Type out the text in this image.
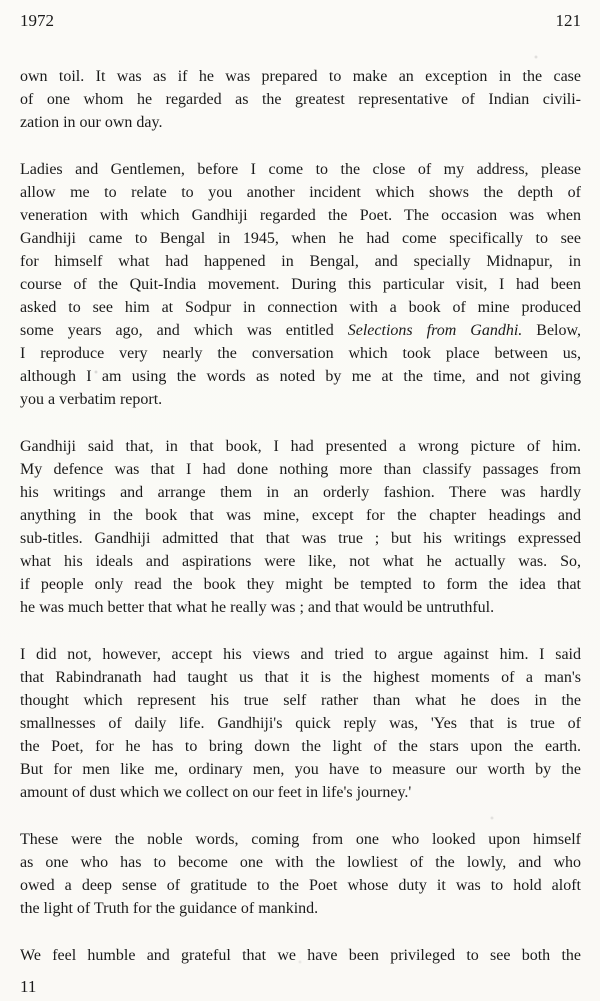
1972	121
own toil. It was as if he was prepared to make an exception in the case
of one whom he regarded as the greatest representative of Indian civili-
zation in our own day.
Ladies and Gentlemen, before I come to the close of my address, please
allow me to relate to you another incident which shows the depth of
veneration with which Gandhiji regarded the Poet. The occasion was when
Gandhiji came to Bengal in 1945, when he had come specifically to see
for himself what had happened in Bengal, and specially Midnapur, in
course of the Quit-India movement. During this particular visit, I had been
asked to see him at Sodpur in connection with a book of mine produced
some years ago, and which was entitled Selections from Gandhi. Below,
I reproduce very nearly the conversation which took place between us,
although I am using the words as noted by me at the time, and not giving
you a verbatim report.
Gandhiji said that, in that book, I had presented a wrong picture of him.
My defence was that I had done nothing more than classify passages from
his writings and arrange them in an orderly fashion. There was hardly
anything in the book that was mine, except for the chapter headings and
sub-titles. Gandhiji admitted that that was true ; but his writings expressed
what his ideals and aspirations were like, not what he actually was. So,
if people only read the book they might be tempted to form the idea that
he was much better that what he really was ; and that would be untruthful.
I did not, however, accept his views and tried to argue against him. I said
that Rabindranath had taught us that it is the highest moments of a man's
thought which represent his true self rather than what he does in the
smallnesses of daily life. Gandhiji's quick reply was, 'Yes that is true of
the Poet, for he has to bring down the light of the stars upon the earth.
But for men like me, ordinary men, you have to measure our worth by the
amount of dust which we collect on our feet in life's journey.'
These were the noble words, coming from one who looked upon himself
as one who has to become one with the lowliest of the lowly, and who
owed a deep sense of gratitude to the Poet whose duty it was to hold aloft
the light of Truth for the guidance of mankind.
We feel humble and grateful that we have been privileged to see both the
11
